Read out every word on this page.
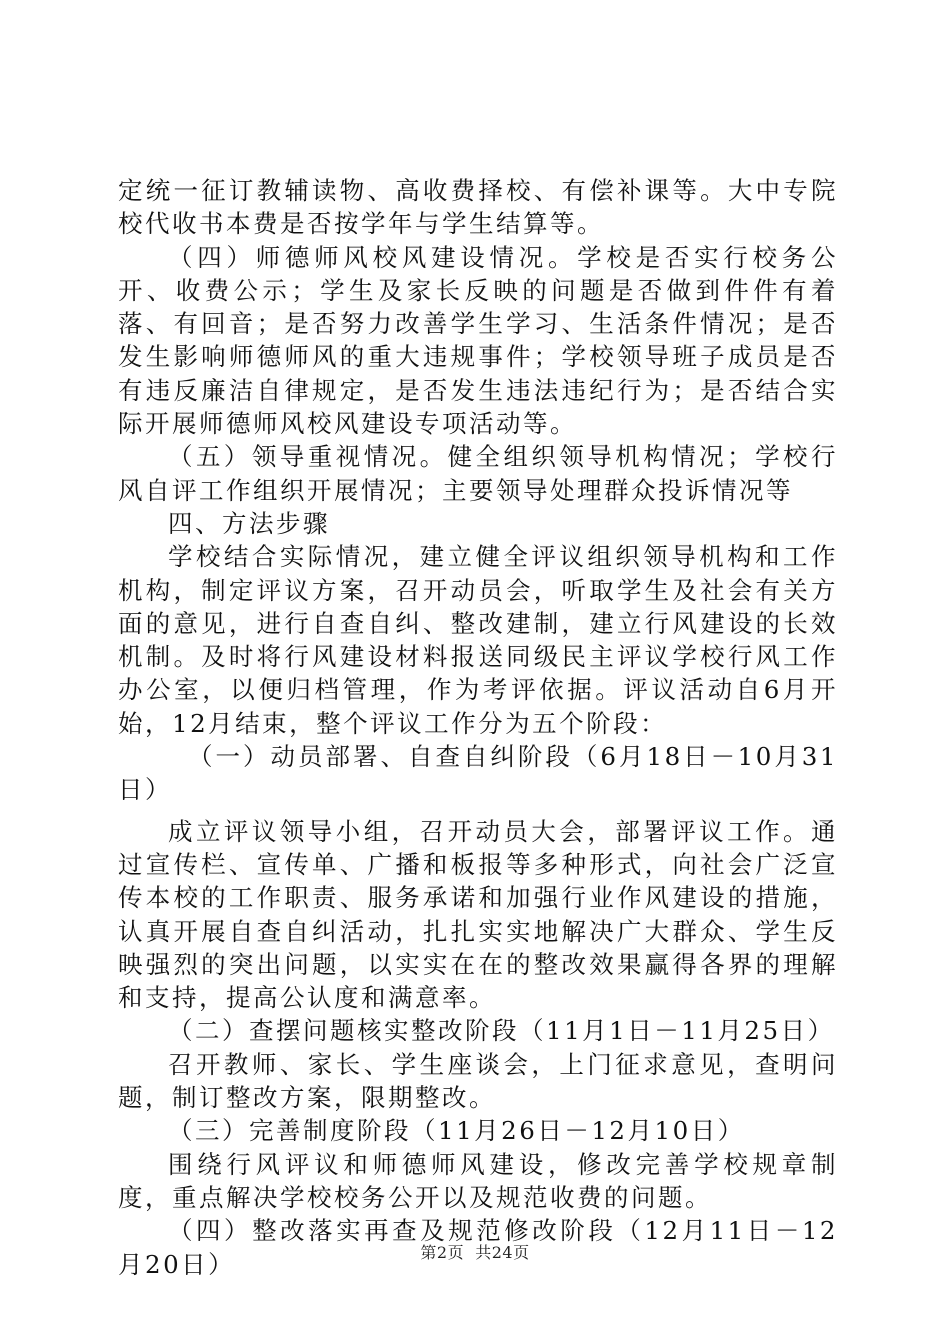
定统一征订教辅读物、高收费择校、有偿补课等。大中专院校代收书本费是否按学年与学生结算等。

（四）师德师风校风建设情况。学校是否实行校务公开、收费公示；学生及家长反映的问题是否做到件件有着落、有回音；是否努力改善学生学习、生活条件情况；是否发生影响师德师风的重大违规事件；学校领导班子成员是否有违反廉洁自律规定，是否发生违法违纪行为；是否结合实际开展师德师风校风建设专项活动等。

（五）领导重视情况。健全组织领导机构情况；学校行风自评工作组织开展情况；主要领导处理群众投诉情况等

四、方法步骤

学校结合实际情况，建立健全评议组织领导机构和工作机构，制定评议方案，召开动员会，听取学生及社会有关方面的意见，进行自查自纠、整改建制，建立行风建设的长效机制。及时将行风建设材料报送同级民主评议学校行风工作办公室，以便归档管理，作为考评依据。评议活动自6月开始，12月结束，整个评议工作分为五个阶段：

（一）动员部署、自查自纠阶段（6月18日－10月31日）

成立评议领导小组，召开动员大会，部署评议工作。通过宣传栏、宣传单、广播和板报等多种形式，向社会广泛宣传本校的工作职责、服务承诺和加强行业作风建设的措施，认真开展自查自纠活动，扎扎实实地解决广大群众、学生反映强烈的突出问题，以实实在在的整改效果赢得各界的理解和支持，提高公认度和满意率。

（二）查摆问题核实整改阶段（11月1日－11月25日）

召开教师、家长、学生座谈会，上门征求意见，查明问题，制订整改方案，限期整改。

（三）完善制度阶段（11月26日－12月10日）

围绕行风评议和师德师风建设，修改完善学校规章制度，重点解决学校校务公开以及规范收费的问题。

（四）整改落实再查及规范修改阶段（12月11日－12月20日）	第2页  共24页
